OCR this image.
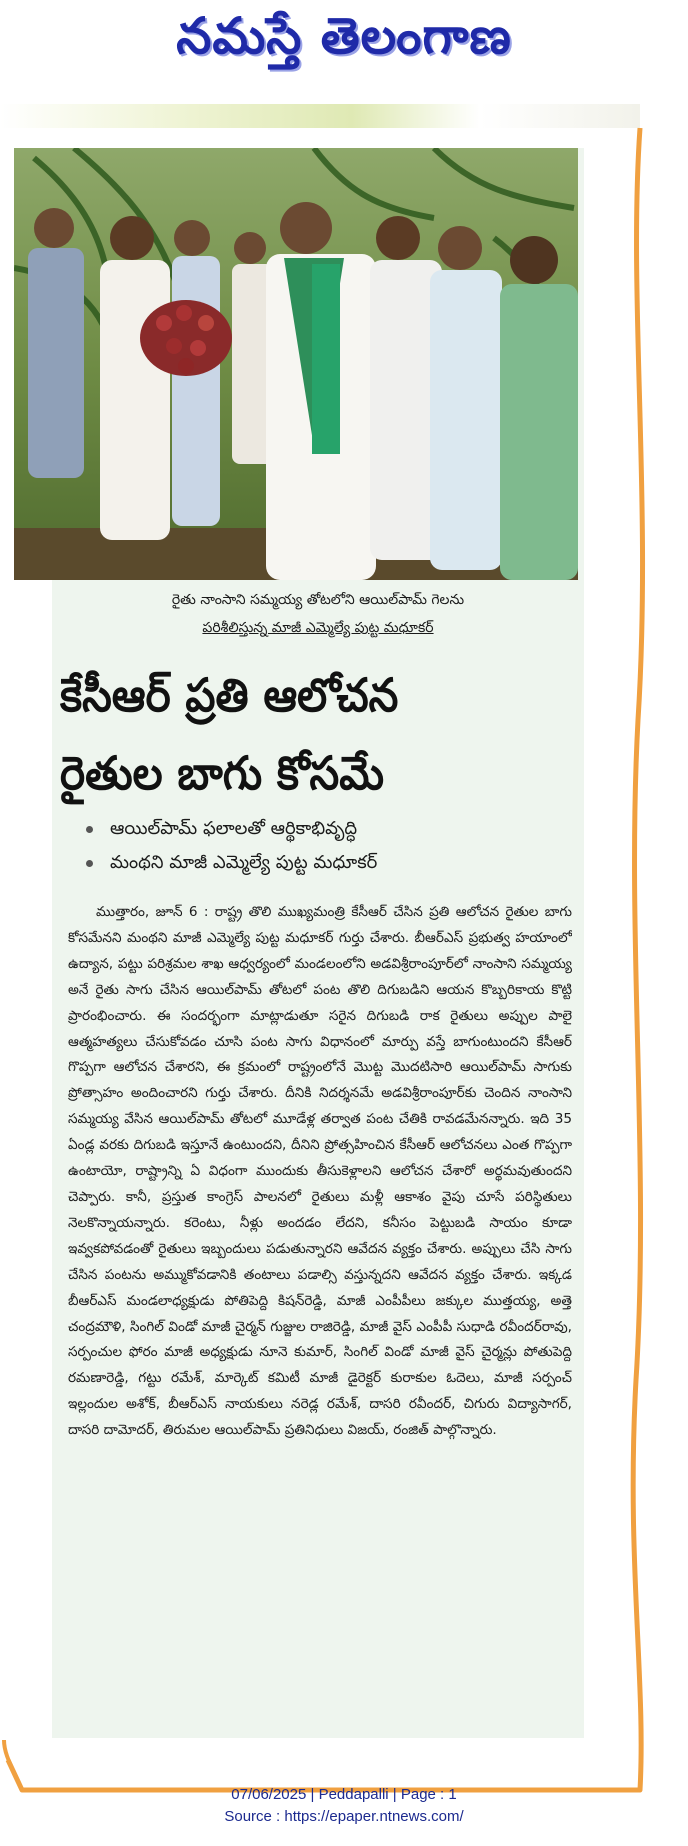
నమస్తే తెలంగాణ
రైతు నాంసాని సమ్మయ్య తోటలోని ఆయిల్‌పామ్ గెలను
పరిశీలిస్తున్న మాజీ ఎమ్మెల్యే పుట్ట మధూకర్
కేసీఆర్ ప్రతి ఆలోచన
రైతుల బాగు కోసమే
ఆయిల్‌పామ్ ఫలాలతో ఆర్థికాభివృద్ధి
మంథని మాజీ ఎమ్మెల్యే పుట్ట మధూకర్
ముత్తారం, జూన్ 6 : రాష్ట్ర తొలి ముఖ్యమంత్రి కేసీఆర్ చేసిన ప్రతి ఆలోచన రైతుల బాగు కోసమేనని మంథని మాజీ ఎమ్మెల్యే పుట్ట మధూకర్ గుర్తు చేశారు. బీఆర్‌ఎస్ ప్రభుత్వ హయాంలో ఉద్యాన, పట్టు పరిశ్రమల శాఖ ఆధ్వర్యంలో మండలంలోని అడవిశ్రీరాంపూర్‌లో నాంసాని సమ్మయ్య అనే రైతు సాగు చేసిన ఆయిల్‌పామ్ తోటలో పంట తొలి దిగుబడిని ఆయన కొబ్బరికాయ కొట్టి ప్రారంభించారు. ఈ సందర్భంగా మాట్లాడుతూ సరైన దిగుబడి రాక రైతులు అప్పుల పాలై ఆత్మహత్యలు చేసుకోవడం చూసి పంట సాగు విధానంలో మార్పు వస్తే బాగుంటుందని కేసీఆర్ గొప్పగా ఆలోచన చేశారని, ఈ క్రమంలో రాష్ట్రంలోనే మొట్ట మొదటిసారి ఆయిల్‌పామ్ సాగుకు ప్రోత్సాహం అందించారని గుర్తు చేశారు. దీనికి నిదర్శనమే అడవిశ్రీరాంపూర్‌కు చెందిన నాంసాని సమ్మయ్య వేసిన ఆయిల్‌పామ్ తోటలో మూడేళ్ల తర్వాత పంట చేతికి రావడమేనన్నారు. ఇది 35 ఏండ్ల వరకు దిగుబడి ఇస్తూనే ఉంటుందని, దీనిని ప్రోత్సహించిన కేసీఆర్ ఆలోచనలు ఎంత గొప్పగా ఉంటాయో, రాష్ట్రాన్ని ఏ విధంగా ముందుకు తీసుకెళ్లాలని ఆలోచన చేశారో అర్థమవుతుందని చెప్పారు. కానీ, ప్రస్తుత కాంగ్రెస్ పాలనలో రైతులు మళ్లీ ఆకాశం వైపు చూసే పరిస్థితులు నెలకొన్నాయన్నారు. కరెంటు, నీళ్లు అందడం లేదని, కనీసం పెట్టుబడి సాయం కూడా ఇవ్వకపోవడంతో రైతులు ఇబ్బందులు పడుతున్నారని ఆవేదన వ్యక్తం చేశారు. అప్పులు చేసి సాగు చేసిన పంటను అమ్ముకోవడానికి తంటాలు పడాల్సి వస్తున్నదని ఆవేదన వ్యక్తం చేశారు. ఇక్కడ బీఆర్‌ఎస్ మండలాధ్యక్షుడు పోతిపెద్ది కిషన్‌రెడ్డి, మాజీ ఎంపీపీలు జక్కుల ముత్తయ్య, అత్తె చంద్రమౌళి, సింగిల్ విండో మాజీ చైర్మన్ గుజ్జుల రాజిరెడ్డి, మాజీ వైస్ ఎంపీపీ సుధాడి రవీందర్‌రావు, సర్పంచుల ఫోరం మాజీ అధ్యక్షుడు నూనె కుమార్, సింగిల్ విండో మాజీ వైస్ చైర్మన్లు పోతుపెద్ది రమణారెడ్డి, గట్టు రమేశ్, మార్కెట్ కమిటీ మాజీ డైరెక్టర్ కురాకుల ఓదెలు, మాజీ సర్పంచ్ ఇల్లందుల అశోక్, బీఆర్‌ఎస్ నాయకులు నరెడ్ల రమేశ్, దాసరి రవీందర్, చిగురు విద్యాసాగర్, దాసరి దామోదర్, తిరుమల ఆయిల్‌పామ్ ప్రతినిధులు విజయ్, రంజిత్ పాల్గొన్నారు.
07/06/2025 | Peddapalli | Page : 1
Source : https://epaper.ntnews.com/
